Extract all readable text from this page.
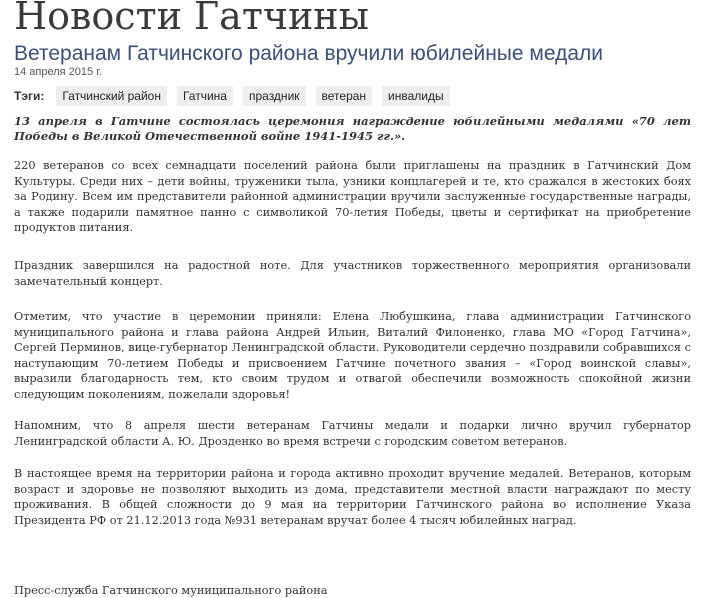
Новости Гатчины
Ветеранам Гатчинского района вручили юбилейные медали
14 апреля 2015 г.
Тэги:	Гатчинский район	Гатчина	праздник	ветеран	инвалиды

13 апреля в Гатчине состоялась церемония награждение юбилейными медалями «70 лет Победы в Великой Отечественной войне 1941-1945 гг.».

220 ветеранов со всех семнадцати поселений района были приглашены на праздник в Гатчинский Дом Культуры. Среди них – дети войны, труженики тыла, узники концлагерей и те, кто сражался в жестоких боях за Родину. Всем им представители районной администрации вручили заслуженные государственные награды, а также подарили памятное панно с символикой 70-летия Победы, цветы и сертификат на приобретение продуктов питания.

Праздник завершился на радостной ноте. Для участников торжественного мероприятия организовали замечательный концерт.

Отметим, что участие в церемонии приняли: Елена Любушкина, глава администрации Гатчинского муниципального района и глава района Андрей Ильин, Виталий Филоненко, глава МО «Город Гатчина», Сергей Перминов, вице-губернатор Ленинградской области. Руководители сердечно поздравили собравшихся с наступающим 70-летием Победы и присвоением Гатчине почетного звания – «Город воинской славы», выразили благодарность тем, кто своим трудом и отвагой обеспечили возможность спокойной жизни следующим поколениям, пожелали здоровья!

Напомним, что 8 апреля шести ветеранам Гатчины медали и подарки лично вручил губернатор Ленинградской области А. Ю. Дрозденко во время встречи с городским советом ветеранов.

В настоящее время на территории района и города активно проходит вручение медалей. Ветеранов, которым возраст и здоровье не позволяют выходить из дома, представители местной власти награждают по месту проживания. В общей сложности до 9 мая на территории Гатчинского района во исполнение Указа Президента РФ от 21.12.2013 года №931 ветеранам вручат более 4 тысяч юбилейных наград.

Пресс-служба Гатчинского муниципального района
